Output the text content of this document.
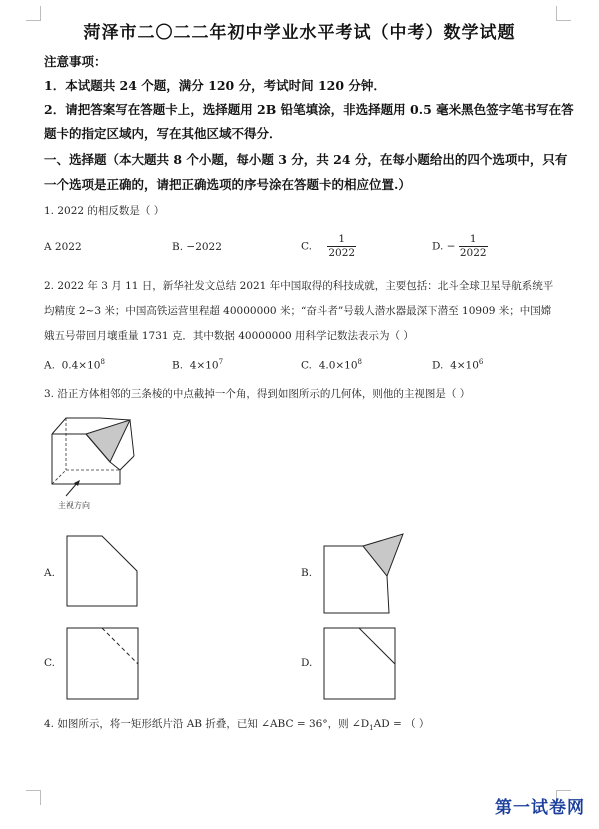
菏泽市二〇二二年初中学业水平考试（中考）数学试题
注意事项：
1．本试题共 24 个题，满分 120 分，考试时间 120 分钟．
2．请把答案写在答题卡上，选择题用 2B 铅笔填涂，非选择题用 0.5 毫米黑色签字笔书写在答
题卡的指定区域内，写在其他区域不得分．
一、选择题（本大题共 8 个小题，每小题 3 分，共 24 分，在每小题给出的四个选项中，只有
一个选项是正确的，请把正确选项的序号涂在答题卡的相应位置.）
1. 2022 的相反数是（ ）
A 2022	B. −2022	C. $\frac{1}{2022}$	D. − $\frac{1}{2022}$
2. 2022 年 3 月 11 日，新华社发文总结 2021 年中国取得的科技成就，主要包括：北斗全球卫星导航系统平
均精度 2~3 米；中国高铁运营里程超 40000000 米；“奋斗者”号载人潜水器最深下潜至 10909 米；中国嫦
娥五号带回月壤重量 1731 克．其中数据 40000000 用科学记数法表示为（ ）
A. $0.4\times 10^8$	B. $4\times 10^7$	C. $4.0\times 10^8$	D. $4\times 10^6$
3. 沿正方体相邻的三条棱的中点截掉一个角，得到如图所示的几何体，则他的主视图是（ ）
主视方向
A.	B.
C.	D.
4. 如图所示，将一矩形纸片沿 AB 折叠，已知 ∠ABC = 36°，则 $\angle D_1AD$ = （ ）
第一试卷网
